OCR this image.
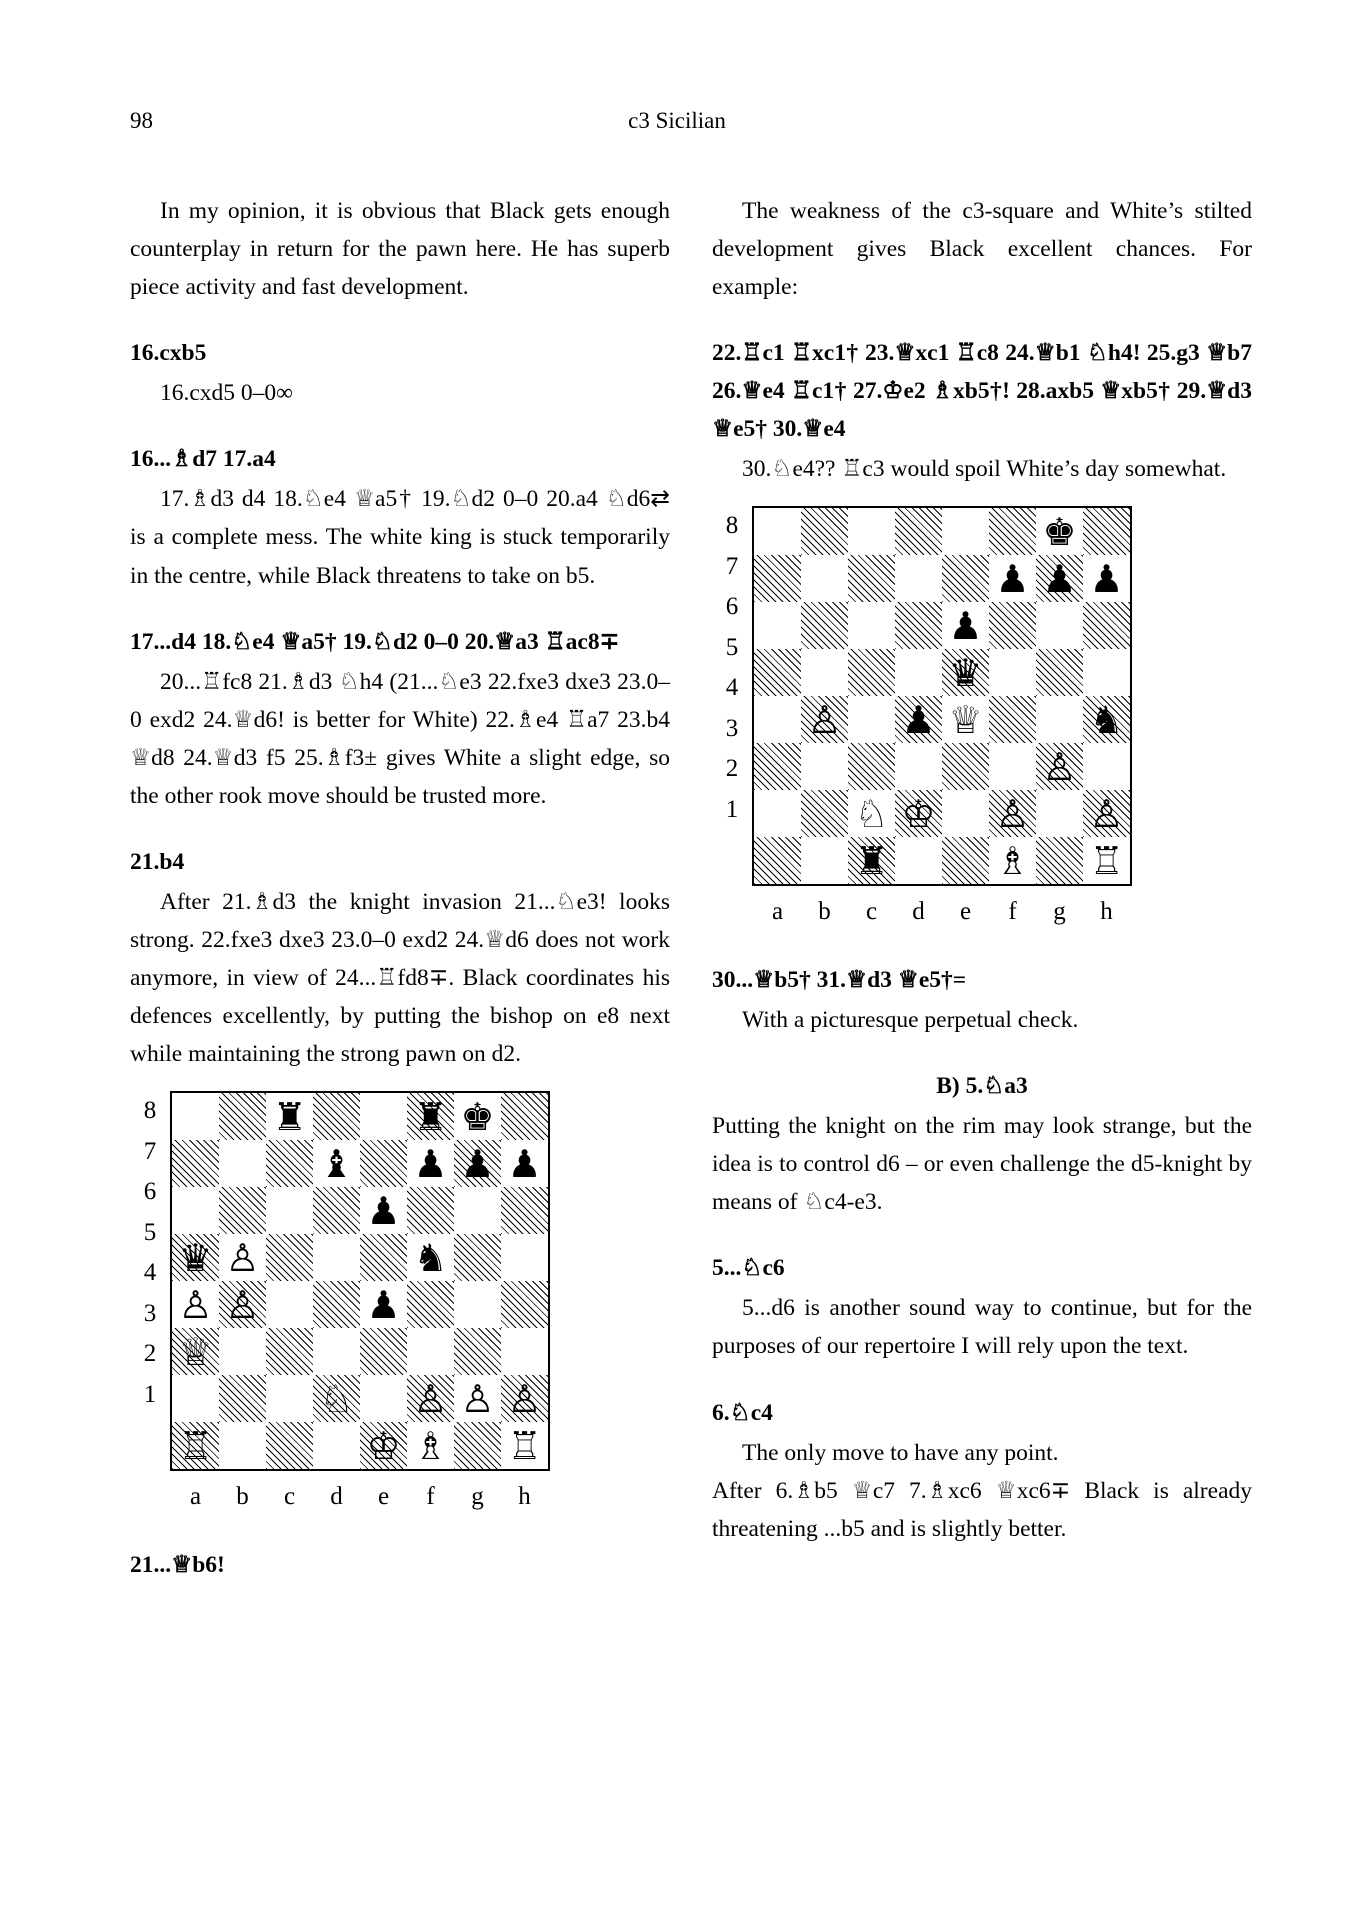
98	c3 Sicilian

In my opinion, it is obvious that Black gets enough counterplay in return for the pawn here. He has superb piece activity and fast development.

16.cxb5

16.cxd5 0–0∞

16...♗d7 17.a4

17.♗d3 d4 18.♘e4 ♕a5† 19.♘d2 0–0 20.a4 ♘d6⇄ is a complete mess. The white king is stuck temporarily in the centre, while Black threatens to take on b5.

17...d4 18.♘e4 ♕a5† 19.♘d2 0–0 20.♕a3 ♖ac8∓

20...♖fc8 21.♗d3 ♘h4 (21...♘e3 22.fxe3 dxe3 23.0–0 exd2 24.♕d6! is better for White) 22.♗e4 ♖a7 23.b4 ♕d8 24.♕d3 f5 25.♗f3± gives White a slight edge, so the other rook move should be trusted more.

21.b4

After 21.♗d3 the knight invasion 21...♘e3! looks strong. 22.fxe3 dxe3 23.0–0 exd2 24.♕d6 does not work anymore, in view of 24...♖fd8∓. Black coordinates his defences excellently, by putting the bishop on e8 next while maintaining the strong pawn on d2.

8
7
6
5
4
3
2
1
♜	♜ ♚
♝ ♟ ♟ ♟
♟
♛ ♙	♞
♙ ♙	♟
♕
♘ ♙ ♙ ♙
♖	♔ ♗ ♖
a	b	c	d	e	f	g	h

21...♕b6!

The weakness of the c3-square and White’s stilted development gives Black excellent chances. For example:

22.♖c1 ♖xc1† 23.♕xc1 ♖c8 24.♕b1 ♘h4! 25.g3 ♕b7 26.♕e4 ♖c1† 27.♔e2 ♗xb5†! 28.axb5 ♕xb5† 29.♕d3 ♕e5† 30.♕e4

30.♘e4?? ♖c3 would spoil White’s day somewhat.

8
7
6
5
4
3
2
1
♚
♟ ♟ ♟
♟
♛
♙ ♟ ♕	♞
♙
♘ ♔ ♙ ♙
♜	♗ ♖
a	b	c	d	e	f	g	h

30...♕b5† 31.♕d3 ♕e5†=

With a picturesque perpetual check.

B) 5.♘a3

Putting the knight on the rim may look strange, but the idea is to control d6 – or even challenge the d5-knight by means of ♘c4-e3.

5...♘c6

5...d6 is another sound way to continue, but for the purposes of our repertoire I will rely upon the text.

6.♘c4

The only move to have any point.

After 6.♗b5 ♕c7 7.♗xc6 ♕xc6∓ Black is already threatening ...b5 and is slightly better.
